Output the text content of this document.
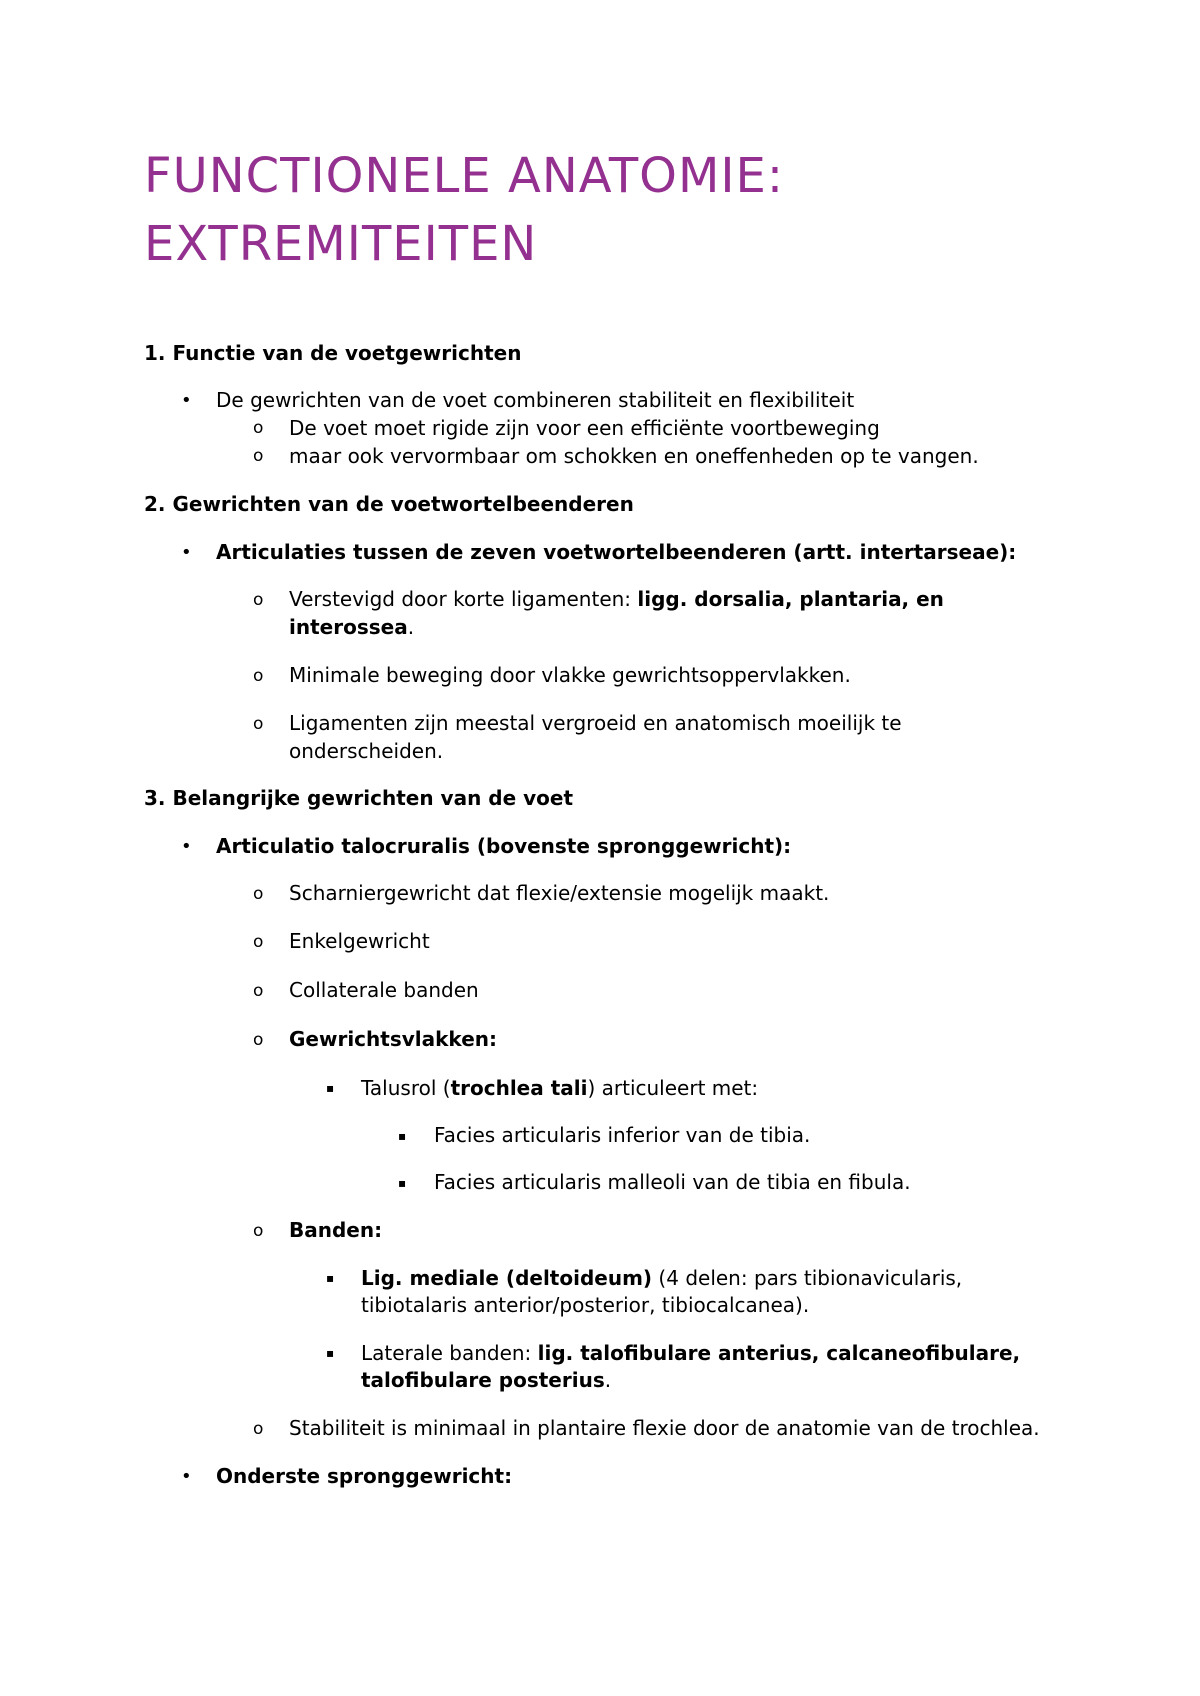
FUNCTIONELE ANATOMIE:
EXTREMITEITEN
1. Functie van de voetgewrichten
• De gewrichten van de voet combineren stabiliteit en flexibiliteit
o De voet moet rigide zijn voor een efficiënte voortbeweging
o maar ook vervormbaar om schokken en oneffenheden op te vangen.
2. Gewrichten van de voetwortelbeenderen
• Articulaties tussen de zeven voetwortelbeenderen (artt. intertarseae):
o Verstevigd door korte ligamenten: ligg. dorsalia, plantaria, en
interossea.
o Minimale beweging door vlakke gewrichtsoppervlakken.
o Ligamenten zijn meestal vergroeid en anatomisch moeilijk te
onderscheiden.
3. Belangrijke gewrichten van de voet
• Articulatio talocruralis (bovenste spronggewricht):
o Scharniergewricht dat flexie/extensie mogelijk maakt.
o Enkelgewricht
o Collaterale banden
o Gewrichtsvlakken:
▪ Talusrol (trochlea tali) articuleert met:
▪ Facies articularis inferior van de tibia.
▪ Facies articularis malleoli van de tibia en fibula.
o Banden:
▪ Lig. mediale (deltoideum) (4 delen: pars tibionavicularis,
tibiotalaris anterior/posterior, tibiocalcanea).
▪ Laterale banden: lig. talofibulare anterius, calcaneofibulare,
talofibulare posterius.
o Stabiliteit is minimaal in plantaire flexie door de anatomie van de trochlea.
• Onderste spronggewricht:
